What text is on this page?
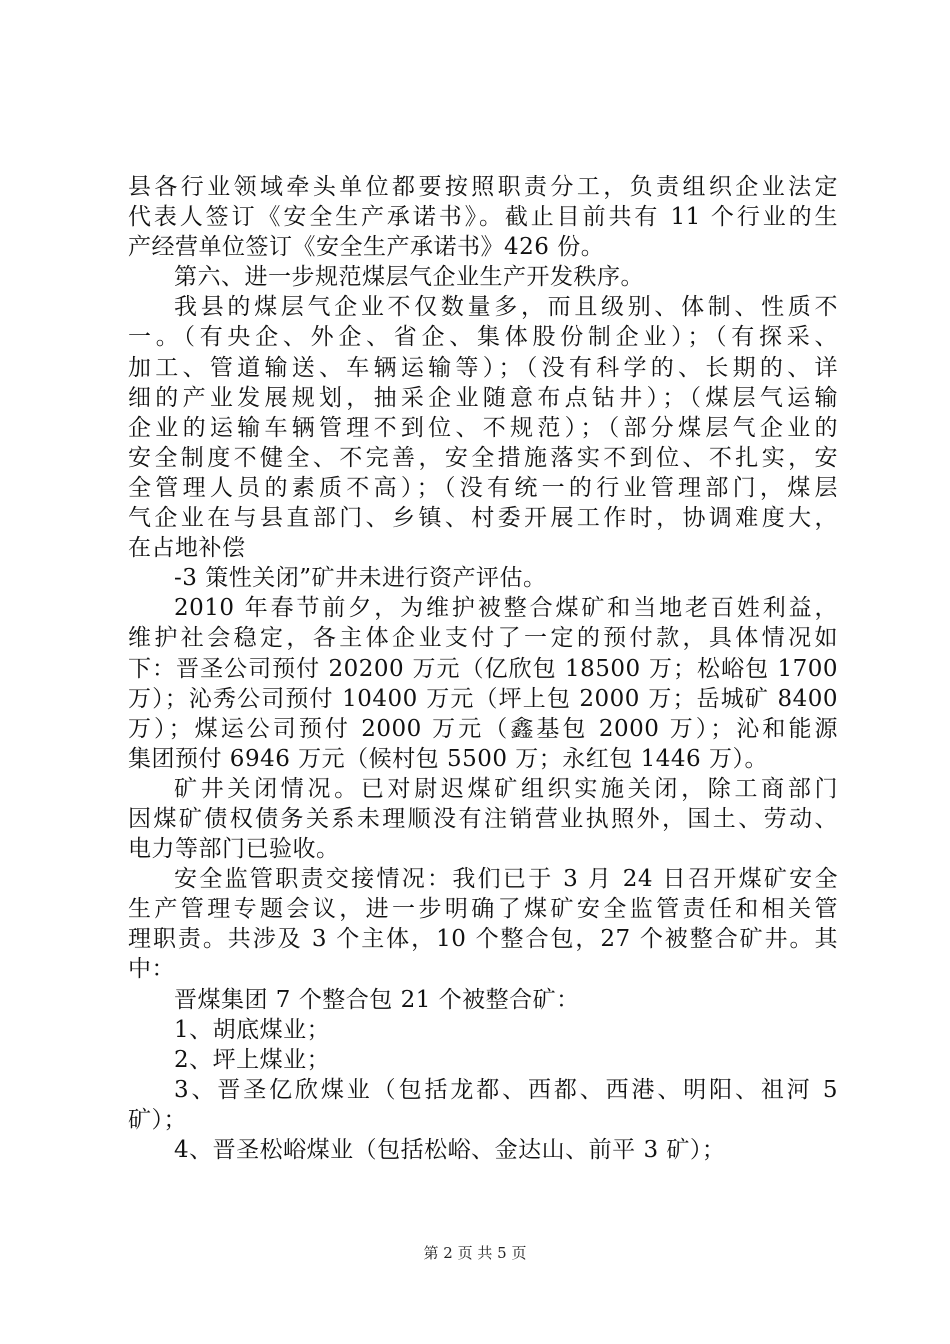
县各行业领域牵头单位都要按照职责分工，负责组织企业法定
代表人签订《安全生产承诺书》。截止目前共有 11 个行业的生
产经营单位签订《安全生产承诺书》426 份。
第六、进一步规范煤层气企业生产开发秩序。
我县的煤层气企业不仅数量多，而且级别、体制、性质不
一。（有央企、外企、省企、集体股份制企业）；（有探采、
加工、管道输送、车辆运输等）；（没有科学的、长期的、详
细的产业发展规划，抽采企业随意布点钻井）；（煤层气运输
企业的运输车辆管理不到位、不规范）；（部分煤层气企业的
安全制度不健全、不完善，安全措施落实不到位、不扎实，安
全管理人员的素质不高）；（没有统一的行业管理部门，煤层
气企业在与县直部门、乡镇、村委开展工作时，协调难度大，
在占地补偿
-3 策性关闭”矿井未进行资产评估。
2010 年春节前夕，为维护被整合煤矿和当地老百姓利益，
维护社会稳定，各主体企业支付了一定的预付款，具体情况如
下：晋圣公司预付 20200 万元（亿欣包 18500 万；松峪包 1700
万）；沁秀公司预付 10400 万元（坪上包 2000 万；岳城矿 8400
万）；煤运公司预付 2000 万元（鑫基包 2000 万）；沁和能源
集团预付 6946 万元（候村包 5500 万；永红包 1446 万）。
矿井关闭情况。已对尉迟煤矿组织实施关闭，除工商部门
因煤矿债权债务关系未理顺没有注销营业执照外，国土、劳动、
电力等部门已验收。
安全监管职责交接情况：我们已于 3 月 24 日召开煤矿安全
生产管理专题会议，进一步明确了煤矿安全监管责任和相关管
理职责。共涉及 3 个主体，10 个整合包，27 个被整合矿井。其
中：
晋煤集团 7 个整合包 21 个被整合矿：
1、胡底煤业；
2、坪上煤业；
3、晋圣亿欣煤业（包括龙都、西都、西港、明阳、祖河 5
矿）；
4、晋圣松峪煤业（包括松峪、金达山、前平 3 矿）；
第 2 页 共 5 页
